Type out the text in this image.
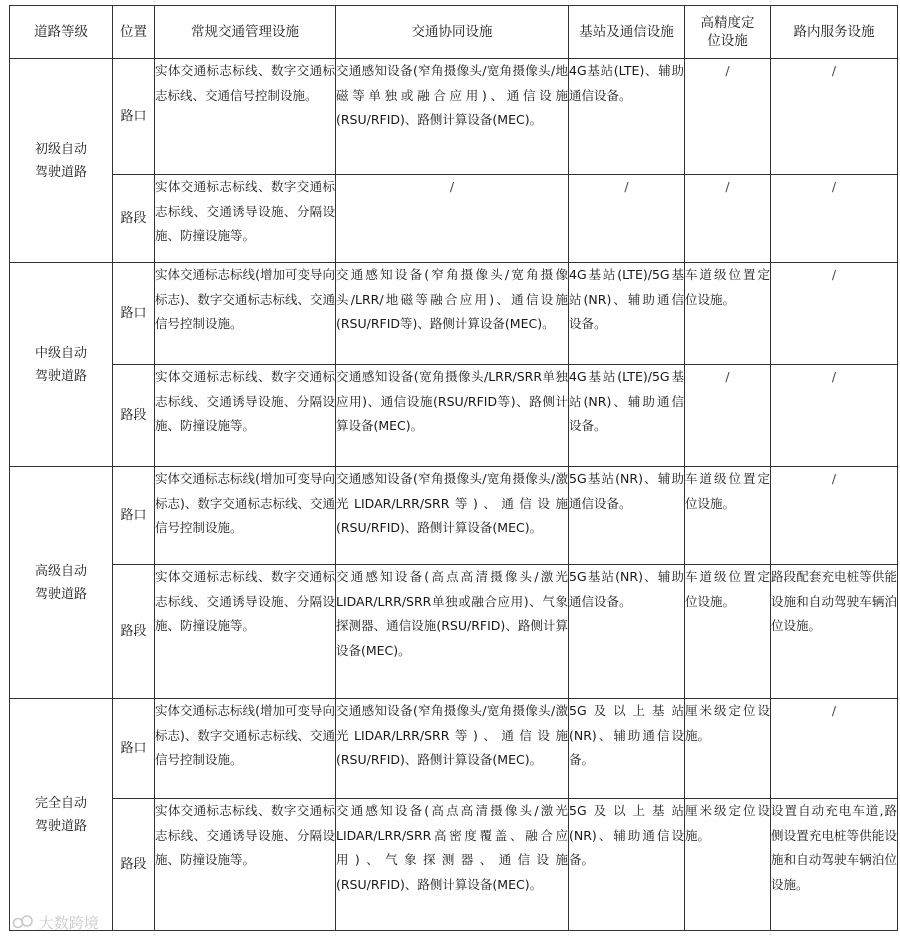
道路等级	位置	常规交通管理设施	交通协同设施	基站及通信设施	高精度定位设施	路内服务设施
初级自动驾驶道路	路口	实体交通标志标线、数字交通标志标线、交通信号控制设施。	交通感知设备(窄角摄像头/宽角摄像头/地磁等单独或融合应用)、通信设施(RSU/RFID)、路侧计算设备(MEC)。	4G基站(LTE)、辅助通信设备。	/	/
	路段	实体交通标志标线、数字交通标志标线、交通诱导设施、分隔设施、防撞设施等。	/	/	/	/
中级自动驾驶道路	路口	实体交通标志标线(增加可变导向标志)、数字交通标志标线、交通信号控制设施。	交通感知设备(窄角摄像头/宽角摄像头/LRR/地磁等融合应用)、通信设施(RSU/RFID等)、路侧计算设备(MEC)。	4G基站(LTE)/5G基站(NR)、辅助通信设备。	车道级位置定位设施。	/
	路段	实体交通标志标线、数字交通标志标线、交通诱导设施、分隔设施、防撞设施等。	交通感知设备(宽角摄像头/LRR/SRR单独应用)、通信设施(RSU/RFID等)、路侧计算设备(MEC)。	4G基站(LTE)/5G基站(NR)、辅助通信设备。	/	/
高级自动驾驶道路	路口	实体交通标志标线(增加可变导向标志)、数字交通标志标线、交通信号控制设施。	交通感知设备(窄角摄像头/宽角摄像头/激光LIDAR/LRR/SRR等)、通信设施(RSU/RFID)、路侧计算设备(MEC)。	5G基站(NR)、辅助通信设备。	车道级位置定位设施。	/
	路段	实体交通标志标线、数字交通标志标线、交通诱导设施、分隔设施、防撞设施等。	交通感知设备(高点高清摄像头/激光LIDAR/LRR/SRR单独或融合应用)、气象探测器、通信设施(RSU/RFID)、路侧计算设备(MEC)。	5G基站(NR)、辅助通信设备。	车道级位置定位设施。	路段配套充电桩等供能设施和自动驾驶车辆泊位设施。
完全自动驾驶道路	路口	实体交通标志标线(增加可变导向标志)、数字交通标志标线、交通信号控制设施。	交通感知设备(窄角摄像头/宽角摄像头/激光LIDAR/LRR/SRR等)、通信设施(RSU/RFID)、路侧计算设备(MEC)。	5G及以上基站(NR)、辅助通信设备。	厘米级定位设施。	/
	路段	实体交通标志标线、数字交通标志标线、交通诱导设施、分隔设施、防撞设施等。	交通感知设备(高点高清摄像头/激光LIDAR/LRR/SRR高密度覆盖、融合应用)、气象探测器、通信设施(RSU/RFID)、路侧计算设备(MEC)。	5G及以上基站(NR)、辅助通信设备。	厘米级定位设施。	设置自动充电车道,路侧设置充电桩等供能设施和自动驾驶车辆泊位设施。
大数跨境
